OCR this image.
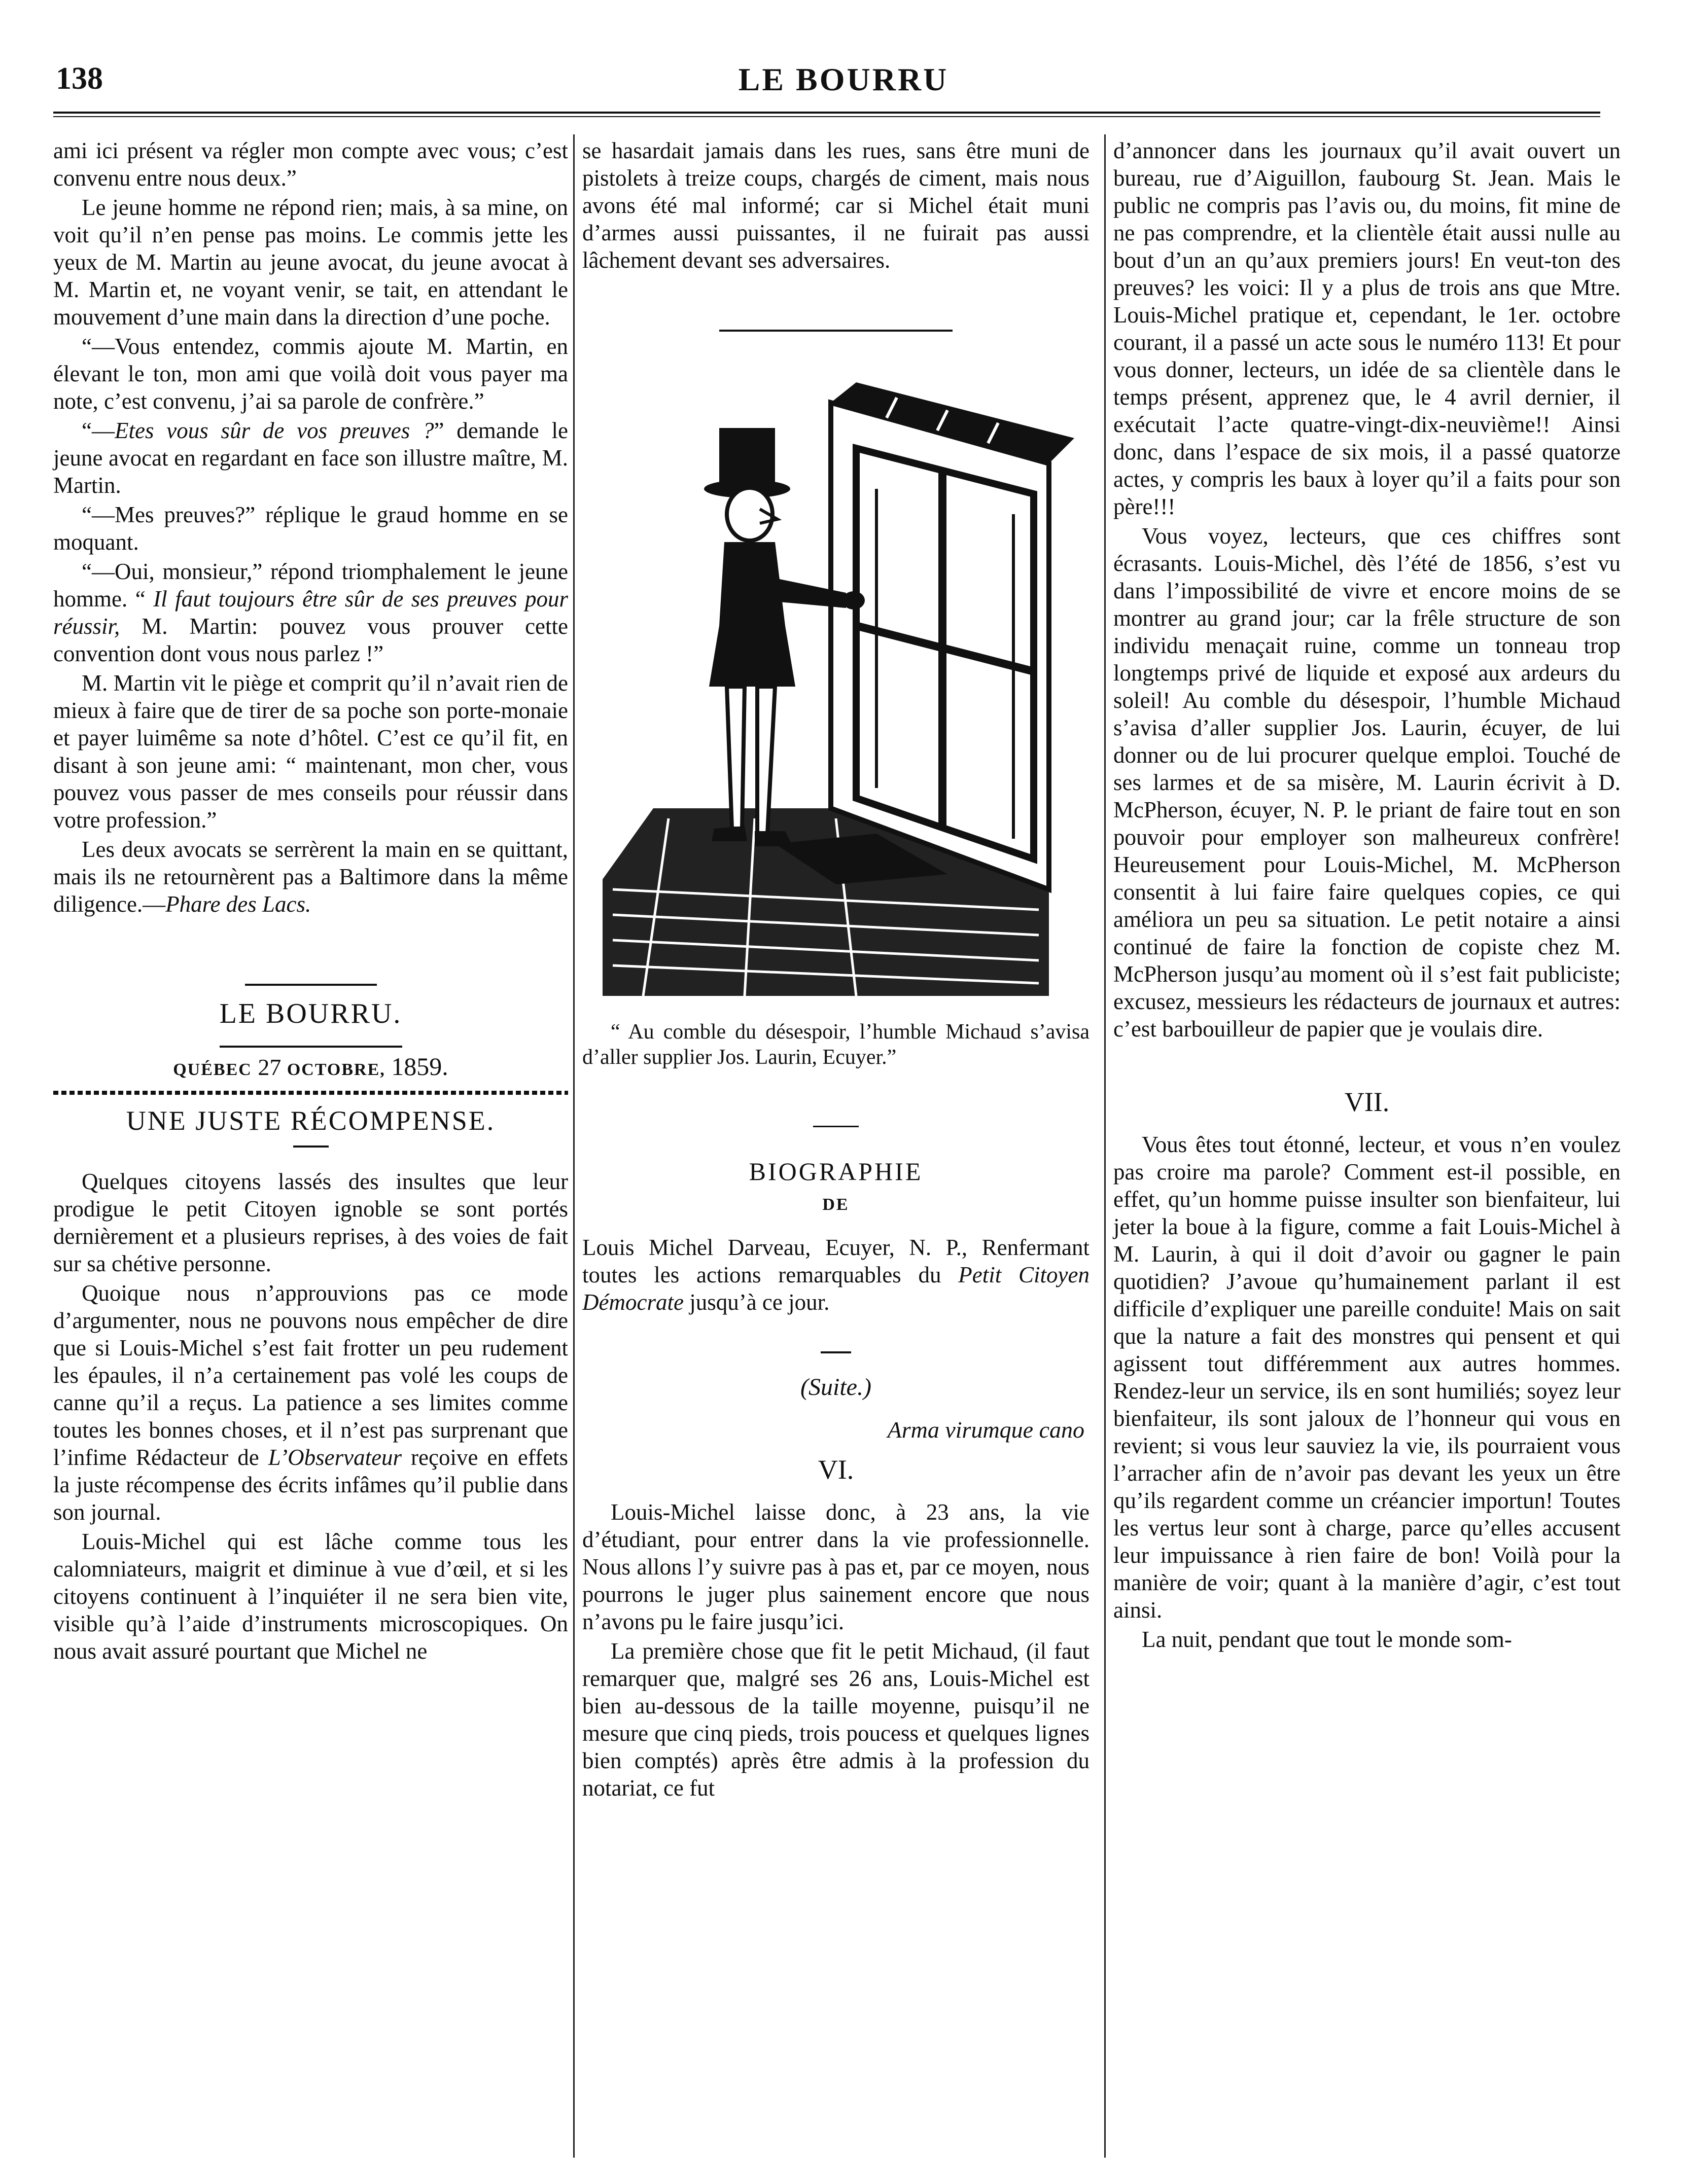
138	LE BOURRU

ami ici présent va régler mon compte avec vous; c’est convenu entre nous deux.”

Le jeune homme ne répond rien; mais, à sa mine, on voit qu’il n’en pense pas moins. Le commis jette les yeux de M. Martin au jeune avocat, du jeune avocat à M. Martin et, ne voyant venir, se tait, en attendant le mouvement d’une main dans la direction d’une poche.

“—Vous entendez, commis ajoute M. Martin, en élevant le ton, mon ami que voilà doit vous payer ma note, c’est convenu, j’ai sa parole de confrère.”

“—Etes vous sûr de vos preuves ?” demande le jeune avocat en regardant en face son illustre maître, M. Martin.

“—Mes preuves?” réplique le graud homme en se moquant.

“—Oui, monsieur,” répond triomphalement le jeune homme. “ Il faut toujours être sûr de ses preuves pour réussir, M. Martin: pouvez vous prouver cette convention dont vous nous parlez !”

M. Martin vit le piège et comprit qu’il n’avait rien de mieux à faire que de tirer de sa poche son porte-monaie et payer luimême sa note d’hôtel. C’est ce qu’il fit, en disant à son jeune ami: “ maintenant, mon cher, vous pouvez vous passer de mes conseils pour réussir dans votre profession.”

Les deux avocats se serrèrent la main en se quittant, mais ils ne retournèrent pas a Baltimore dans la même diligence.—Phare des Lacs.

LE BOURRU.
QUÉBEC 27 OCTOBRE, 1859.
UNE JUSTE RÉCOMPENSE.

Quelques citoyens lassés des insultes que leur prodigue le petit Citoyen ignoble se sont portés dernièrement et a plusieurs reprises, à des voies de fait sur sa chétive personne.

Quoique nous n’approuvions pas ce mode d’argumenter, nous ne pouvons nous empêcher de dire que si Louis-Michel s’est fait frotter un peu rudement les épaules, il n’a certainement pas volé les coups de canne qu’il a reçus. La patience a ses limites comme toutes les bonnes choses, et il n’est pas surprenant que l’infime Rédacteur de L’Observateur reçoive en effets la juste récompense des écrits infâmes qu’il publie dans son journal.

Louis-Michel qui est lâche comme tous les calomniateurs, maigrit et diminue à vue d’œil, et si les citoyens continuent à l’inquiéter il ne sera bien vite, visible qu’à l’aide d’instruments microscopiques. On nous avait assuré pourtant que Michel ne

se hasardait jamais dans les rues, sans être muni de pistolets à treize coups, chargés de ciment, mais nous avons été mal informé; car si Michel était muni d’armes aussi puissantes, il ne fuirait pas aussi lâchement devant ses adversaires.

“ Au comble du désespoir, l’humble Michaud s’avisa d’aller supplier Jos. Laurin, Ecuyer.”

BIOGRAPHIE
DE

Louis Michel Darveau, Ecuyer, N. P., Renfermant toutes les actions remarquables du Petit Citoyen Démocrate jusqu’à ce jour.

(Suite.)

Arma virumque cano

VI.

Louis-Michel laisse donc, à 23 ans, la vie d’étudiant, pour entrer dans la vie professionnelle. Nous allons l’y suivre pas à pas et, par ce moyen, nous pourrons le juger plus sainement encore que nous n’avons pu le faire jusqu’ici.

La première chose que fit le petit Michaud, (il faut remarquer que, malgré ses 26 ans, Louis-Michel est bien au-dessous de la taille moyenne, puisqu’il ne mesure que cinq pieds, trois poucess et quelques lignes bien comptés) après être admis à la profession du notariat, ce fut

d’annoncer dans les journaux qu’il avait ouvert un bureau, rue d’Aiguillon, faubourg St. Jean. Mais le public ne compris pas l’avis ou, du moins, fit mine de ne pas comprendre, et la clientèle était aussi nulle au bout d’un an qu’aux premiers jours! En veut-ton des preuves? les voici: Il y a plus de trois ans que Mtre. Louis-Michel pratique et, cependant, le 1er. octobre courant, il a passé un acte sous le numéro 113! Et pour vous donner, lecteurs, un idée de sa clientèle dans le temps présent, apprenez que, le 4 avril dernier, il exécutait l’acte quatre-vingt-dix-neuvième!! Ainsi donc, dans l’espace de six mois, il a passé quatorze actes, y compris les baux à loyer qu’il a faits pour son père!!!

Vous voyez, lecteurs, que ces chiffres sont écrasants. Louis-Michel, dès l’été de 1856, s’est vu dans l’impossibilité de vivre et encore moins de se montrer au grand jour; car la frêle structure de son individu menaçait ruine, comme un tonneau trop longtemps privé de liquide et exposé aux ardeurs du soleil! Au comble du désespoir, l’humble Michaud s’avisa d’aller supplier Jos. Laurin, écuyer, de lui donner ou de lui procurer quelque emploi. Touché de ses larmes et de sa misère, M. Laurin écrivit à D. McPherson, écuyer, N. P. le priant de faire tout en son pouvoir pour employer son malheureux confrère! Heureusement pour Louis-Michel, M. McPherson consentit à lui faire faire quelques copies, ce qui améliora un peu sa situation. Le petit notaire a ainsi continué de faire la fonction de copiste chez M. McPherson jusqu’au moment où il s’est fait publiciste; excusez, messieurs les rédacteurs de journaux et autres: c’est barbouilleur de papier que je voulais dire.

VII.

Vous êtes tout étonné, lecteur, et vous n’en voulez pas croire ma parole? Comment est-il possible, en effet, qu’un homme puisse insulter son bienfaiteur, lui jeter la boue à la figure, comme a fait Louis-Michel à M. Laurin, à qui il doit d’avoir ou gagner le pain quotidien? J’avoue qu’humainement parlant il est difficile d’expliquer une pareille conduite! Mais on sait que la nature a fait des monstres qui pensent et qui agissent tout différemment aux autres hommes. Rendez-leur un service, ils en sont humiliés; soyez leur bienfaiteur, ils sont jaloux de l’honneur qui vous en revient; si vous leur sauviez la vie, ils pourraient vous l’arracher afin de n’avoir pas devant les yeux un être qu’ils regardent comme un créancier importun! Toutes les vertus leur sont à charge, parce qu’elles accusent leur impuissance à rien faire de bon! Voilà pour la manière de voir; quant à la manière d’agir, c’est tout ainsi.

La nuit, pendant que tout le monde som-
